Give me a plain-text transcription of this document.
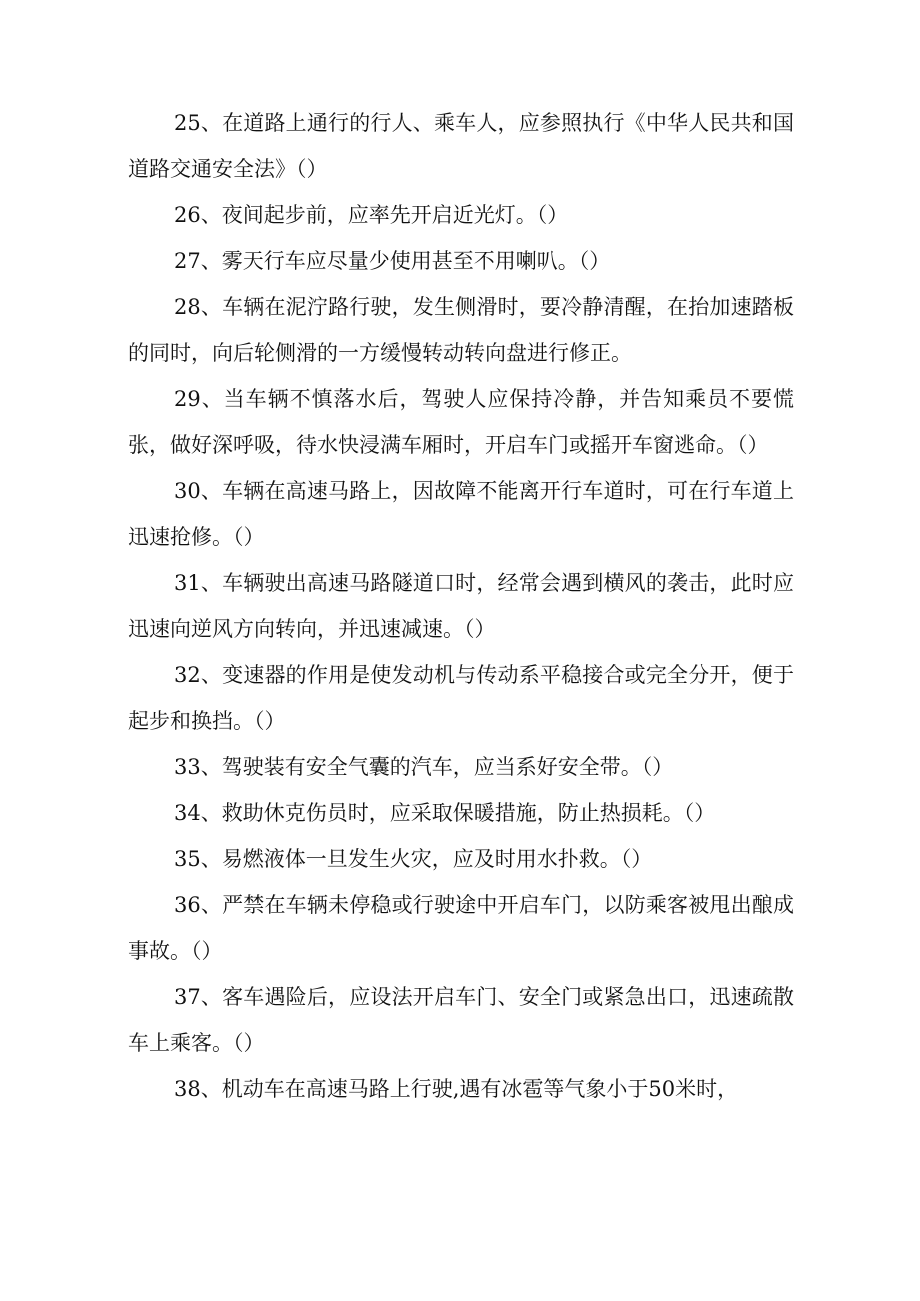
25、在道路上通行的行人、乘车人，应参照执行《中华人民共和国道路交通安全法》（）

26、夜间起步前，应率先开启近光灯。（）

27、雾天行车应尽量少使用甚至不用喇叭。（）

28、车辆在泥泞路行驶，发生侧滑时，要冷静清醒，在抬加速踏板的同时，向后轮侧滑的一方缓慢转动转向盘进行修正。

29、当车辆不慎落水后，驾驶人应保持冷静，并告知乘员不要慌张，做好深呼吸，待水快浸满车厢时，开启车门或摇开车窗逃命。（）

30、车辆在高速马路上，因故障不能离开行车道时，可在行车道上迅速抢修。（）

31、车辆驶出高速马路隧道口时，经常会遇到横风的袭击，此时应迅速向逆风方向转向，并迅速减速。（）

32、变速器的作用是使发动机与传动系平稳接合或完全分开，便于起步和换挡。（）

33、驾驶装有安全气囊的汽车，应当系好安全带。（）

34、救助休克伤员时，应采取保暖措施，防止热损耗。（）

35、易燃液体一旦发生火灾，应及时用水扑救。（）

36、严禁在车辆未停稳或行驶途中开启车门，以防乘客被甩出酿成事故。（）

37、客车遇险后，应设法开启车门、安全门或紧急出口，迅速疏散车上乘客。（）

38、机动车在高速马路上行驶,遇有冰雹等气象小于50米时，
